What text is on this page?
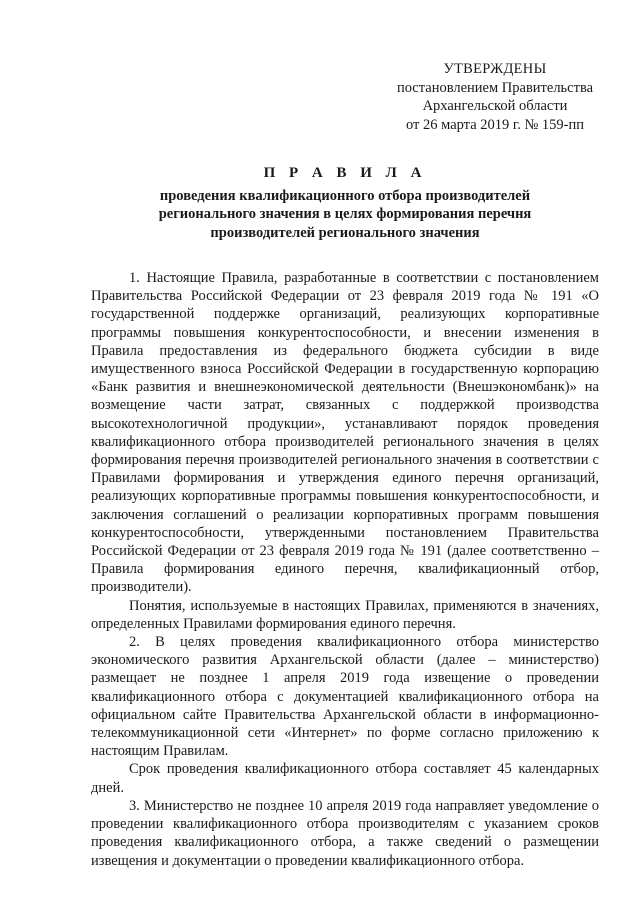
УТВЕРЖДЕНЫ
постановлением Правительства
Архангельской области
от 26 марта 2019 г. № 159-пп
П Р А В И Л А
проведения квалификационного отбора производителей
регионального значения в целях формирования перечня
производителей регионального значения

1. Настоящие Правила, разработанные в соответствии с постановлением Правительства Российской Федерации от 23 февраля 2019 года № 191 «О государственной поддержке организаций, реализующих корпоративные программы повышения конкурентоспособности, и внесении изменения в Правила предоставления из федерального бюджета субсидии в виде имущественного взноса Российской Федерации в государственную корпорацию «Банк развития и внешнеэкономической деятельности (Внешэкономбанк)» на возмещение части затрат, связанных с поддержкой производства высокотехнологичной продукции», устанавливают порядок проведения квалификационного отбора производителей регионального значения в целях формирования перечня производителей регионального значения в соответствии с Правилами формирования и утверждения единого перечня организаций, реализующих корпоративные программы повышения конкурентоспособности, и заключения соглашений о реализации корпоративных программ повышения конкурентоспособности, утвержденными постановлением Правительства Российской Федерации от 23 февраля 2019 года № 191 (далее соответственно – Правила формирования единого перечня, квалификационный отбор, производители).

Понятия, используемые в настоящих Правилах, применяются в значениях, определенных Правилами формирования единого перечня.

2. В целях проведения квалификационного отбора министерство экономического развития Архангельской области (далее – министерство) размещает не позднее 1 апреля 2019 года извещение о проведении квалификационного отбора с документацией квалификационного отбора на официальном сайте Правительства Архангельской области в информационно-телекоммуникационной сети «Интернет» по форме согласно приложению к настоящим Правилам.

Срок проведения квалификационного отбора составляет 45 календарных дней.

3. Министерство не позднее 10 апреля 2019 года направляет уведомление о проведении квалификационного отбора производителям с указанием сроков проведения квалификационного отбора, а также сведений о размещении извещения и документации о проведении квалификационного отбора.
